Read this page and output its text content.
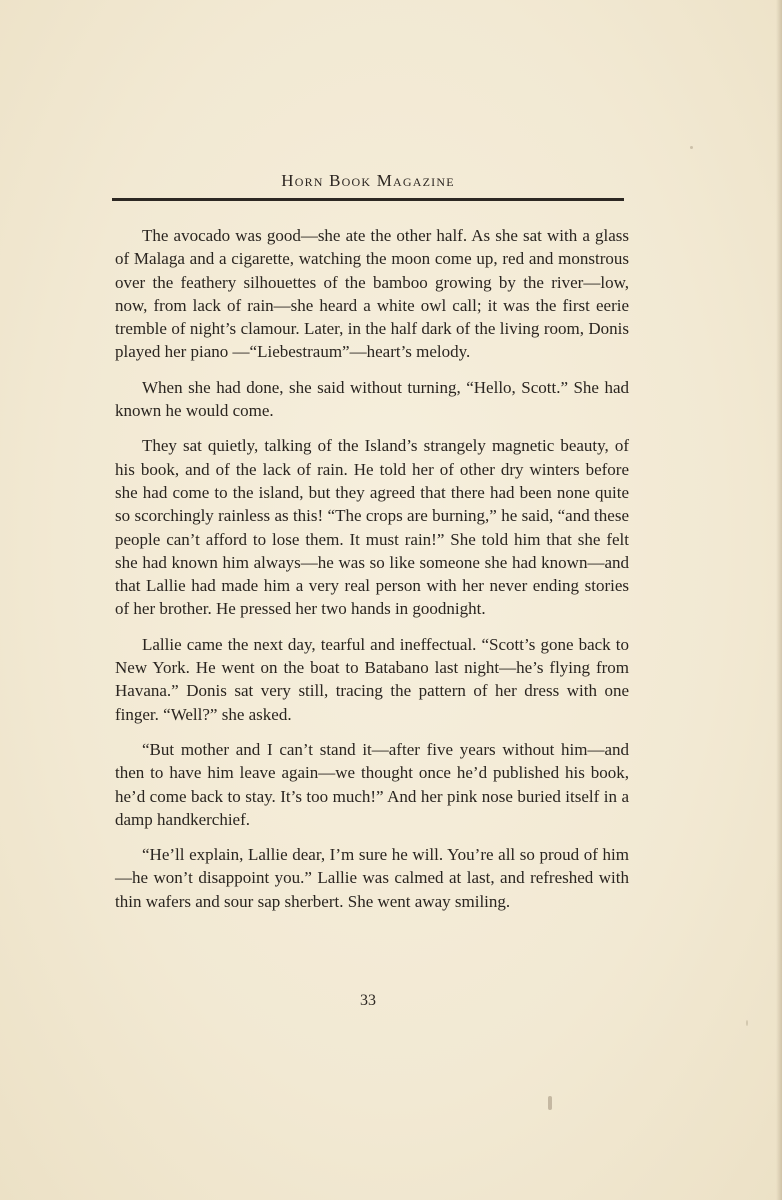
Horn Book Magazine

The avocado was good—she ate the other half. As she sat with a glass of Malaga and a cigarette, watching the moon come up, red and monstrous over the feathery silhouettes of the bamboo growing by the river—low, now, from lack of rain—she heard a white owl call; it was the first eerie tremble of night’s clamour. Later, in the half dark of the living room, Donis played her piano —“Liebestraum”—heart’s melody.

When she had done, she said without turning, “Hello, Scott.” She had known he would come.

They sat quietly, talking of the Island’s strangely magnetic beauty, of his book, and of the lack of rain. He told her of other dry winters before she had come to the island, but they agreed that there had been none quite so scorchingly rainless as this! “The crops are burning,” he said, “and these people can’t afford to lose them. It must rain!” She told him that she felt she had known him always—he was so like someone she had known—and that Lallie had made him a very real person with her never ending stories of her brother. He pressed her two hands in goodnight.

Lallie came the next day, tearful and ineffectual. “Scott’s gone back to New York. He went on the boat to Batabano last night—he’s flying from Havana.” Donis sat very still, tracing the pattern of her dress with one finger. “Well?” she asked.

“But mother and I can’t stand it—after five years without him—and then to have him leave again—we thought once he’d published his book, he’d come back to stay. It’s too much!” And her pink nose buried itself in a damp handkerchief.

“He’ll explain, Lallie dear, I’m sure he will. You’re all so proud of him—he won’t disappoint you.” Lallie was calmed at last, and refreshed with thin wafers and sour sap sherbert. She went away smiling.

33
